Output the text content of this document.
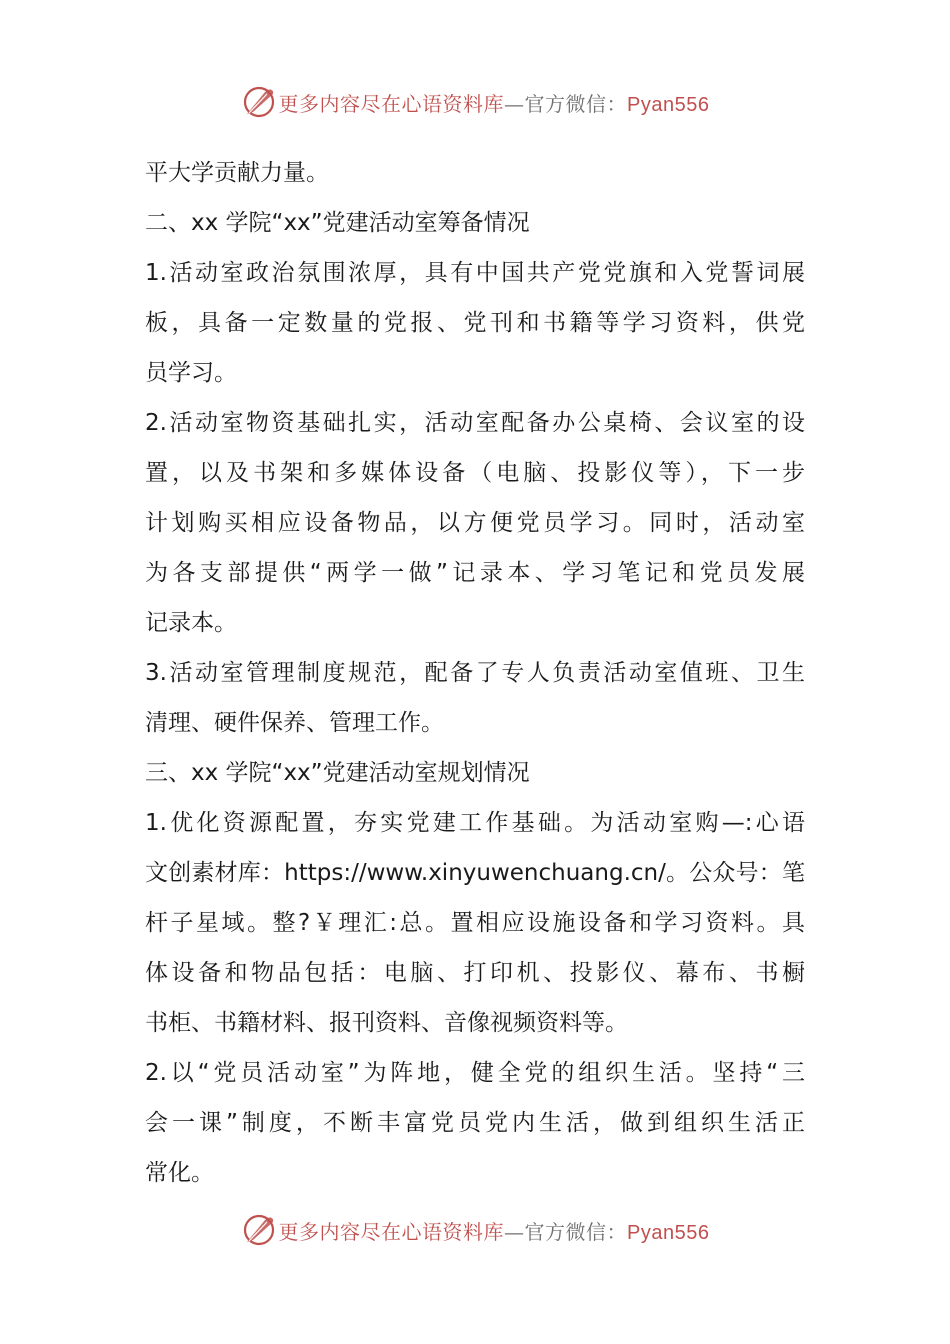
更多内容尽在心语资料库—官方微信：Pyan556
平大学贡献力量。
二、xx 学院“xx”党建活动室筹备情况
1.活动室政治氛围浓厚，具有中国共产党党旗和入党誓词展
板，具备一定数量的党报、党刊和书籍等学习资料，供党
员学习。
2.活动室物资基础扎实，活动室配备办公桌椅、会议室的设
置，以及书架和多媒体设备（电脑、投影仪等），下一步
计划购买相应设备物品，以方便党员学习。同时，活动室
为各支部提供“两学一做”记录本、学习笔记和党员发展
记录本。
3.活动室管理制度规范，配备了专人负责活动室值班、卫生
清理、硬件保养、管理工作。
三、xx 学院“xx”党建活动室规划情况
1.优化资源配置，夯实党建工作基础。为活动室购—:心语
文创素材库：https://www.xinyuwenchuang.cn/。公众号：笔
杆子星域。整?￥理汇:总。置相应设施设备和学习资料。具
体设备和物品包括：电脑、打印机、投影仪、幕布、书橱
书柜、书籍材料、报刊资料、音像视频资料等。
2.以“党员活动室”为阵地，健全党的组织生活。坚持“三
会一课”制度，不断丰富党员党内生活，做到组织生活正
常化。
更多内容尽在心语资料库—官方微信：Pyan556
